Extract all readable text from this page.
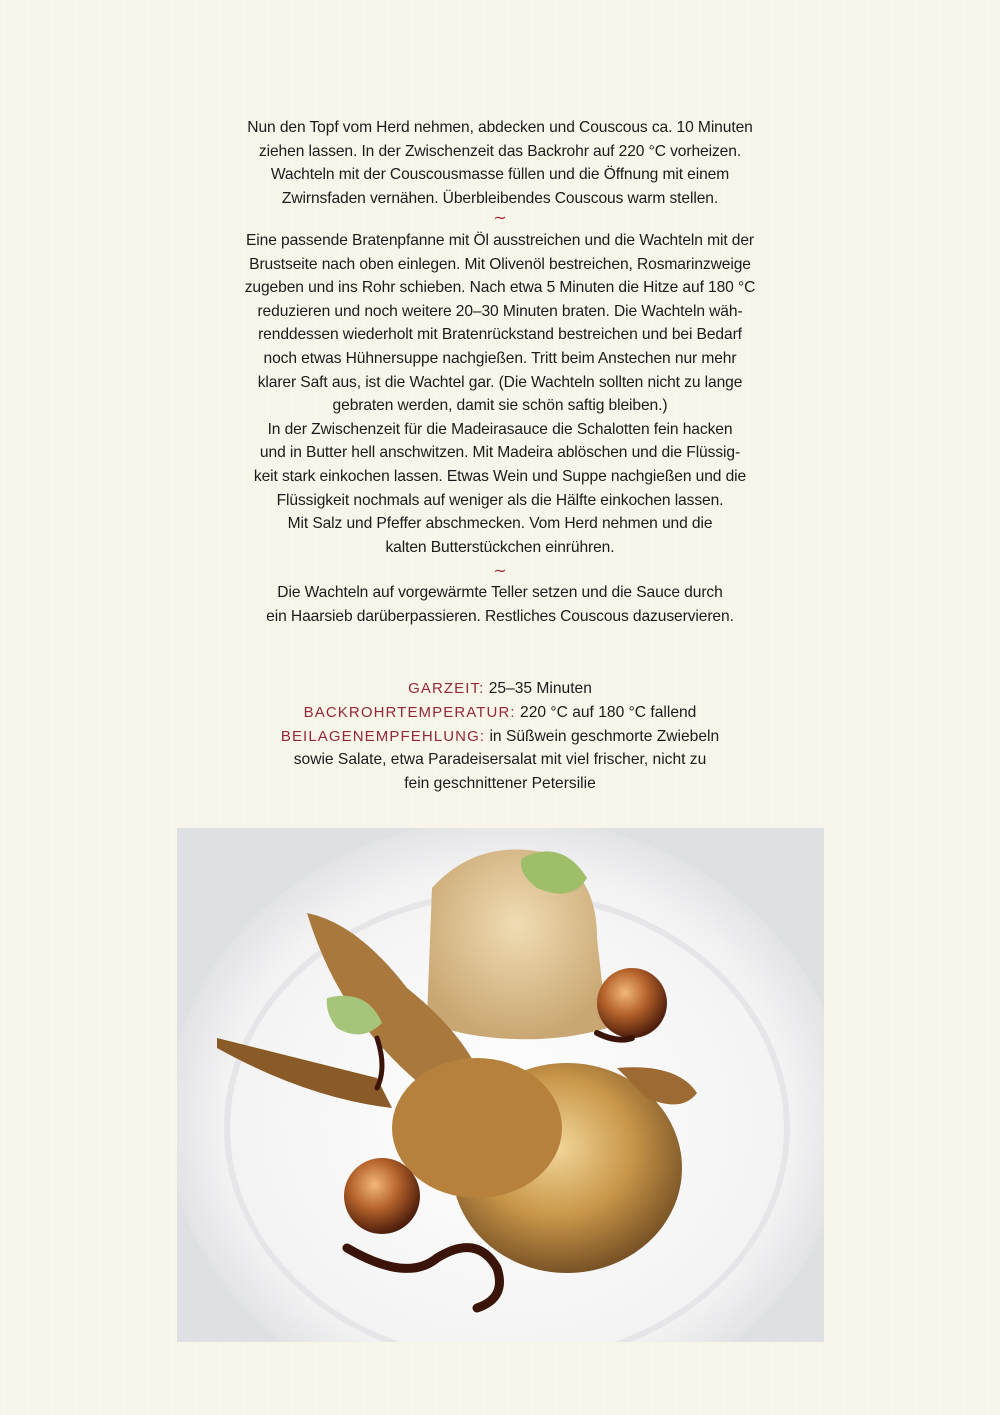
Nun den Topf vom Herd nehmen, abdecken und Couscous ca. 10 Minuten

ziehen lassen. In der Zwischenzeit das Backrohr auf 220 °C vorheizen.

Wachteln mit der Couscousmasse füllen und die Öffnung mit einem

Zwirnsfaden vernähen. Überbleibendes Couscous warm stellen.

~

Eine passende Bratenpfanne mit Öl ausstreichen und die Wachteln mit der

Brustseite nach oben einlegen. Mit Olivenöl bestreichen, Rosmarinzweige

zugeben und ins Rohr schieben. Nach etwa 5 Minuten die Hitze auf 180 °C

reduzieren und noch weitere 20–30 Minuten braten. Die Wachteln wäh-

renddessen wiederholt mit Bratenrückstand bestreichen und bei Bedarf

noch etwas Hühnersuppe nachgießen. Tritt beim Anstechen nur mehr

klarer Saft aus, ist die Wachtel gar. (Die Wachteln sollten nicht zu lange

gebraten werden, damit sie schön saftig bleiben.)

In der Zwischenzeit für die Madeirasauce die Schalotten fein hacken

und in Butter hell anschwitzen. Mit Madeira ablöschen und die Flüssig-

keit stark einkochen lassen. Etwas Wein und Suppe nachgießen und die

Flüssigkeit nochmals auf weniger als die Hälfte einkochen lassen.

Mit Salz und Pfeffer abschmecken. Vom Herd nehmen und die

kalten Butterstückchen einrühren.

~

Die Wachteln auf vorgewärmte Teller setzen und die Sauce durch

ein Haarsieb darüberpassieren. Restliches Couscous dazuservieren.

GARZEIT: 25–35 Minuten

BACKROHRTEMPERATUR: 220 °C auf 180 °C fallend

BEILAGENEMPFEHLUNG: in Süßwein geschmorte Zwiebeln

sowie Salate, etwa Paradeisersalat mit viel frischer, nicht zu

fein geschnittener Petersilie
